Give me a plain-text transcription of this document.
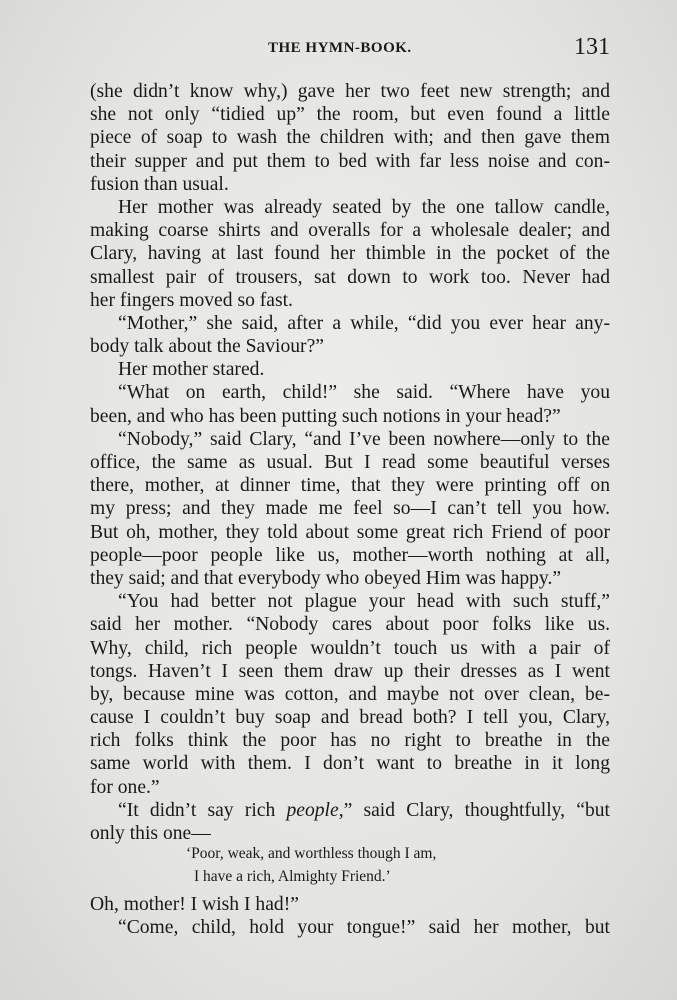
THE HYMN-BOOK.	131
(she didn’t know why,) gave her two feet new strength; and
she not only “tidied up” the room, but even found a little
piece of soap to wash the children with; and then gave them
their supper and put them to bed with far less noise and con-
fusion than usual.
Her mother was already seated by the one tallow candle,
making coarse shirts and overalls for a wholesale dealer; and
Clary, having at last found her thimble in the pocket of the
smallest pair of trousers, sat down to work too. Never had
her fingers moved so fast.
“Mother,” she said, after a while, “did you ever hear any-
body talk about the Saviour?”
Her mother stared.
“What on earth, child!” she said. “Where have you
been, and who has been putting such notions in your head?”
“Nobody,” said Clary, “and I’ve been nowhere—only to the
office, the same as usual. But I read some beautiful verses
there, mother, at dinner time, that they were printing off on
my press; and they made me feel so—I can’t tell you how.
But oh, mother, they told about some great rich Friend of poor
people—poor people like us, mother—worth nothing at all,
they said; and that everybody who obeyed Him was happy.”
“You had better not plague your head with such stuff,”
said her mother. “Nobody cares about poor folks like us.
Why, child, rich people wouldn’t touch us with a pair of
tongs. Haven’t I seen them draw up their dresses as I went
by, because mine was cotton, and maybe not over clean, be-
cause I couldn’t buy soap and bread both? I tell you, Clary,
rich folks think the poor has no right to breathe in the
same world with them. I don’t want to breathe in it long
for one.”
“It didn’t say rich people,” said Clary, thoughtfully, “but
only this one—
‘Poor, weak, and worthless though I am,
I have a rich, Almighty Friend.’
Oh, mother! I wish I had!”
“Come, child, hold your tongue!” said her mother, but
